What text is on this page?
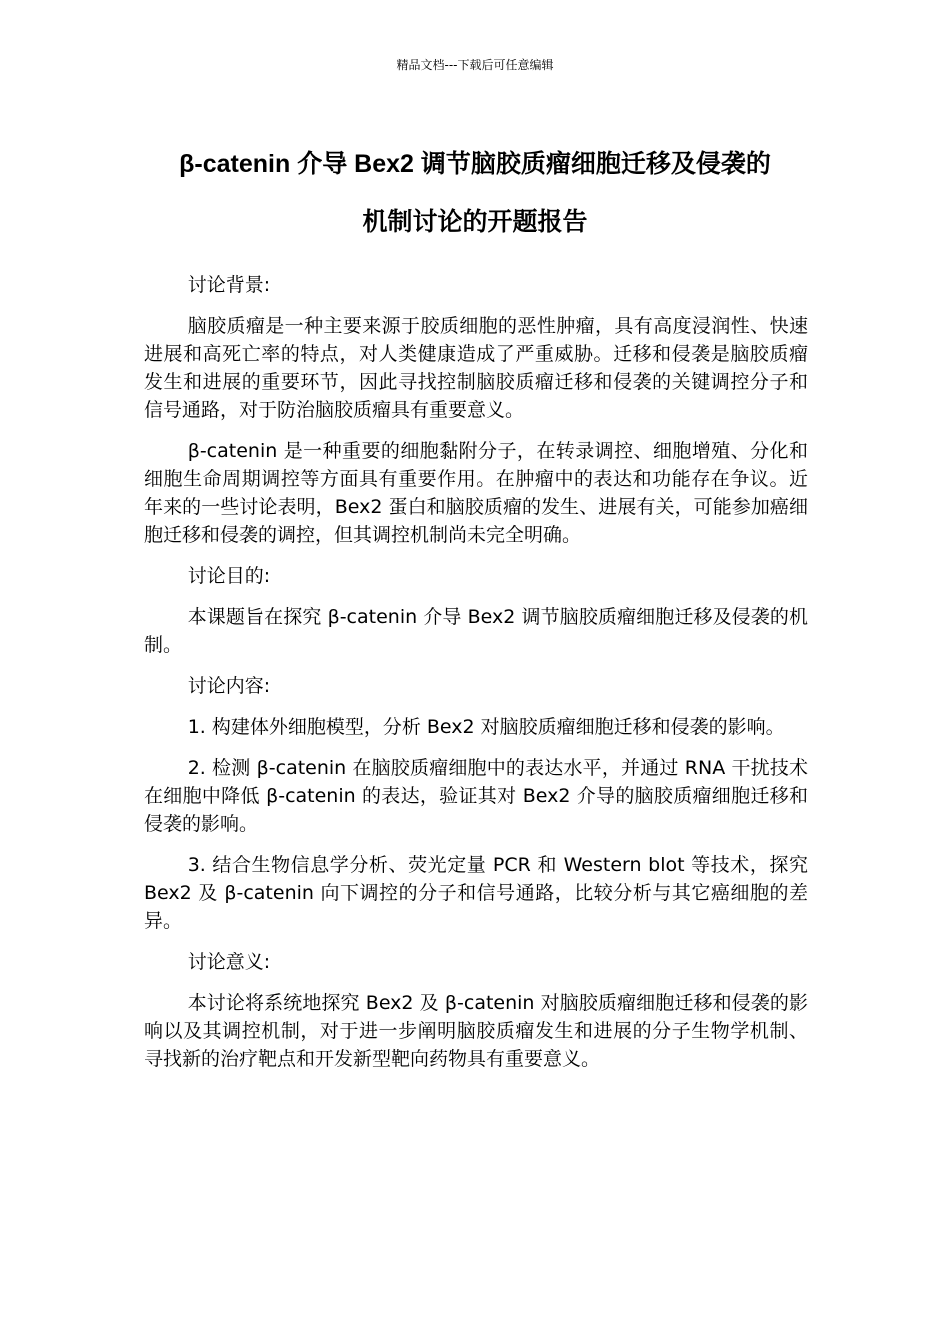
精品文档---下载后可任意编辑
β-catenin 介导 Bex2 调节脑胶质瘤细胞迁移及侵袭的
机制讨论的开题报告

讨论背景:

脑胶质瘤是一种主要来源于胶质细胞的恶性肿瘤，具有高度浸润性、快速进展和高死亡率的特点，对人类健康造成了严重威胁。迁移和侵袭是脑胶质瘤发生和进展的重要环节，因此寻找控制脑胶质瘤迁移和侵袭的关键调控分子和信号通路，对于防治脑胶质瘤具有重要意义。

β-catenin 是一种重要的细胞黏附分子，在转录调控、细胞增殖、分化和细胞生命周期调控等方面具有重要作用。在肿瘤中的表达和功能存在争议。近年来的一些讨论表明，Bex2 蛋白和脑胶质瘤的发生、进展有关，可能参加癌细胞迁移和侵袭的调控，但其调控机制尚未完全明确。

讨论目的:

本课题旨在探究 β-catenin 介导 Bex2 调节脑胶质瘤细胞迁移及侵袭的机制。

讨论内容:

1. 构建体外细胞模型，分析 Bex2 对脑胶质瘤细胞迁移和侵袭的影响。

2. 检测 β-catenin 在脑胶质瘤细胞中的表达水平，并通过 RNA 干扰技术在细胞中降低 β-catenin 的表达，验证其对 Bex2 介导的脑胶质瘤细胞迁移和侵袭的影响。

3. 结合生物信息学分析、荧光定量 PCR 和 Western blot 等技术，探究 Bex2 及 β-catenin 向下调控的分子和信号通路，比较分析与其它癌细胞的差异。

讨论意义:

本讨论将系统地探究 Bex2 及 β-catenin 对脑胶质瘤细胞迁移和侵袭的影响以及其调控机制，对于进一步阐明脑胶质瘤发生和进展的分子生物学机制、寻找新的治疗靶点和开发新型靶向药物具有重要意义。
